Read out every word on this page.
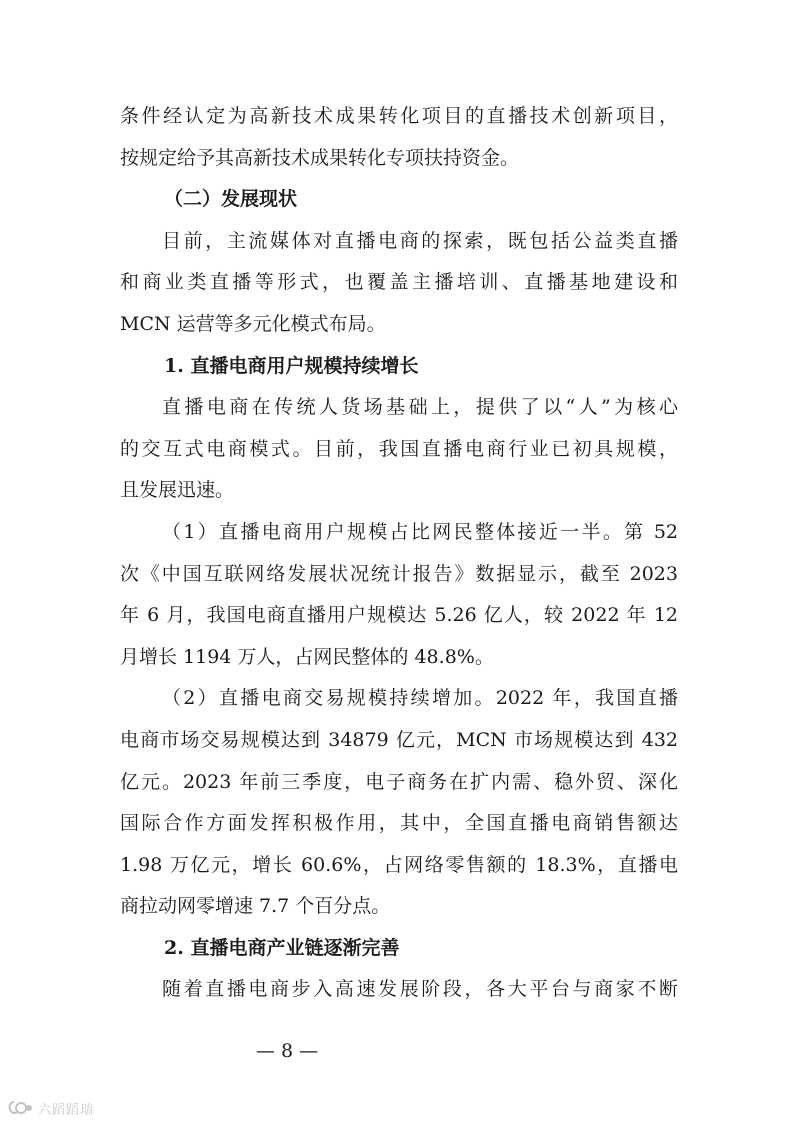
条件经认定为高新技术成果转化项目的直播技术创新项目，
按规定给予其高新技术成果转化专项扶持资金。
（二）发展现状
目前，主流媒体对直播电商的探索，既包括公益类直播
和商业类直播等形式，也覆盖主播培训、直播基地建设和
MCN 运营等多元化模式布局。
1. 直播电商用户规模持续增长
直播电商在传统人货场基础上，提供了以“人”为核心
的交互式电商模式。目前，我国直播电商行业已初具规模，
且发展迅速。
（1）直播电商用户规模占比网民整体接近一半。第 52
次《中国互联网络发展状况统计报告》数据显示，截至 2023
年 6 月，我国电商直播用户规模达 5.26 亿人，较 2022 年 12
月增长 1194 万人，占网民整体的 48.8%。
（2）直播电商交易规模持续增加。2022 年，我国直播
电商市场交易规模达到 34879 亿元，MCN 市场规模达到 432
亿元。2023 年前三季度，电子商务在扩内需、稳外贸、深化
国际合作方面发挥积极作用，其中，全国直播电商销售额达
1.98 万亿元，增长 60.6%，占网络零售额的 18.3%，直播电
商拉动网零增速 7.7 个百分点。
2. 直播电商产业链逐渐完善
随着直播电商步入高速发展阶段，各大平台与商家不断
— 8 —
六蹈蹈瑞
